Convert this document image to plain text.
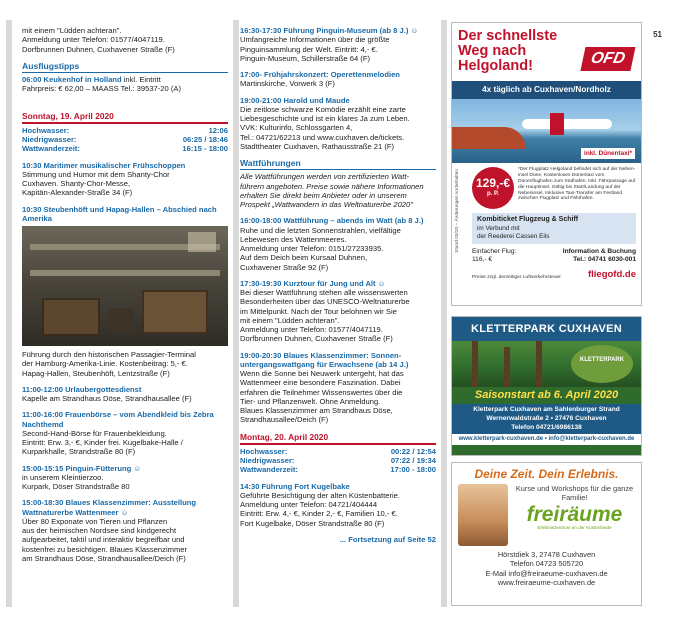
51

mit einem "Lüdden achteran".

Anmeldung unter Telefon: 01577/4047119.

Dorfbrunnen Duhnen, Cuxhavener Straße (F)

Ausflugstipps

06:00 Keukenhof in Holland inkl. Eintritt

Fahrpreis: € 62,00 – MAASS Tel.: 39537-20 (A)

Sonntag, 19. April 2020
Hochwasser:	12:06
Niedrigwasser:	06:25 / 18:46
Wattwanderzeit:	16:15 - 18:00
10:30 Maritimer musikalischer Frühschoppen

Stimmung und Humor mit dem Shanty-Chor

Cuxhaven. Shanty-Chor-Messe,

Kapitän-Alexander-Straße 34 (F)

10:30 Steubenhöft und Hapag-Hallen – Abschied nach Amerika

Führung durch den historischen Passagier-Terminal

der Hamburg-Amerika-Linie. Kostenbeitrag: 5,- €.

Hapag-Hallen, Steubenhöft, Lentzstraße (F)

11:00-12:00 Urlaubergottesdienst

Kapelle am Strandhaus Döse, Strandhausallee (F)

11:00-16:00 Frauenbörse – vom Abendkleid bis Zebra Nachthemd

Second-Hand-Börse für Frauenbekleidung.

Eintritt: Erw. 3,- €, Kinder frei. Kugelbake-Halle /

Kurparkhalle, Strandstraße 80 (F)

15:00-15:15 Pinguin-Fütterung ☺

in unserem Kleintierzoo.

Kurpark, Döser Strandstraße 80

15:00-18:30 Blaues Klassenzimmer: Ausstellung Wattnaturerbe Wattenmeer ☺

Über 80 Exponate von Tieren und Pflanzen

aus der heimischen Nordsee sind kindgerecht

aufgearbeitet, taktil und interaktiv begreifbar und

kostenfrei zu besichtigen. Blaues Klassenzimmer

am Strandhaus Döse, Strandhausallee/Deich (F)

16:30-17:30 Führung Pinguin-Museum (ab 8 J.) ☺

Umfangreiche Informationen über die größte

Pinguinsammlung der Welt. Eintritt: 4,- €.

Pinguin-Museum, Schillerstraße 64 (F)

17:00- Frühjahrskonzert: Operettenmelodien

Martinskirche, Vorwerk 3 (F)

19:00-21:00 Harold und Maude

Die zeitlose schwarze Komödie erzählt eine zarte

Liebesgeschichte und ist ein klares Ja zum Leben.

VVK: Kulturinfo, Schlossgarten 4,

Tel.: 04721/62213 und www.cuxhaven.de/tickets.

Stadttheater Cuxhaven, Rathausstraße 21 (F)

Wattführungen

Alle Wattführungen werden von zertifizierten Watt-

führern angeboten. Preise sowie nähere Informationen

erhalten Sie direkt beim Anbieter oder in unserem

Prospekt „Wattwandern in das Weltnaturerbe 2020"

16:00-18:00 Wattführung – abends im Watt (ab 8 J.)

Ruhe und die letzten Sonnenstrahlen, vielfältige

Lebewesen des Wattenmeeres.

Anmeldung unter Telefon: 0151/27233935.

Auf dem Deich beim Kursaal Duhnen,

Cuxhavener Straße 92 (F)

17:30-19:30 Kurztour für Jung und Alt ☺

Bei dieser Wattführung stehen alle wissenswerten

Besonderheiten über das UNESCO-Weltnaturerbe

im Mittelpunkt. Nach der Tour belohnen wir Sie

mit einem "Lüdden achteran".

Anmeldung unter Telefon: 01577/4047119.

Dorfbrunnen Duhnen, Cuxhavener Straße (F)

19:00-20:30 Blaues Klassenzimmer: Sonnen-untergangswattgang für Erwachsene (ab 14 J.)

Wenn die Sonne bei Neuwerk untergeht, hat das

Wattenmeer eine besondere Faszination. Dabei

erfahren die Teilnehmer Wissenswertes über die

Tier- und Pflanzenwelt. Ohne Anmeldung.

Blaues Klassenzimmer am Strandhaus Döse,

Strandhausallee/Deich (F)

Montag, 20. April 2020
Hochwasser:	00:22 / 12:54
Niedrigwasser:	07:22 / 19:34
Wattwanderzeit:	17:00 - 18:00
14:30 Führung Fort Kugelbake

Geführte Besichtigung der alten Küstenbatterie.

Anmeldung unter Telefon: 04721/404444

Eintritt: Erw. 4,- €, Kinder 2,- €, Familien 10,- €.

Fort Kugelbake, Döser Strandstraße 80 (F)

... Fortsetzung auf Seite 52
Der schnellste Weg nach Helgoland!	OFD
4x täglich ab Cuxhaven/Nordholz
inkl. Dünentaxi*
Stand 03/20 – Änderungen vorbehalten	129,-€
p. P.
*Der Flugplatz Helgoland befindet sich auf der Neben-insel Düne. Kostenloses Dünentaxi vom Dünenflughafen zum Südhafen. Inkl. Fährpassage auf die Hauptinsel. Gültig bis Start/Landung auf der Nebeninsel. Inklusive Taxi-Transfer am Festland zwischen Flugplatz und Fährhafen.
Kombiticket Flugzeug & Schiff
im Verbund mit
der Reederei Cassen Eils
Einfacher Flug:
116,- €
Information & Buchung
Tel.: 04741 6030-001
Preise zzgl. derzeitiger Luftverkehrsteuer.	fliegofd.de
KLETTERPARK CUXHAVEN
KLETTERPARK
Saisonstart ab 6. April 2020
Kletterpark Cuxhaven am Sahlenburger Strand
Wernerwaldstraße 2 • 27476 Cuxhaven
Telefon 04721/6986138
www.kletterpark-cuxhaven.de • info@kletterpark-cuxhaven.de
Deine Zeit. Dein Erlebnis.
Kurse und Workshops für die ganze Familie!
freiräume
Erlebniszentrum an der Küstenheide
Hörstdiek 3, 27478 Cuxhaven
Telefon 04723 505720
E-Mail info@freiraeume-cuxhaven.de
www.freiraeume-cuxhaven.de
